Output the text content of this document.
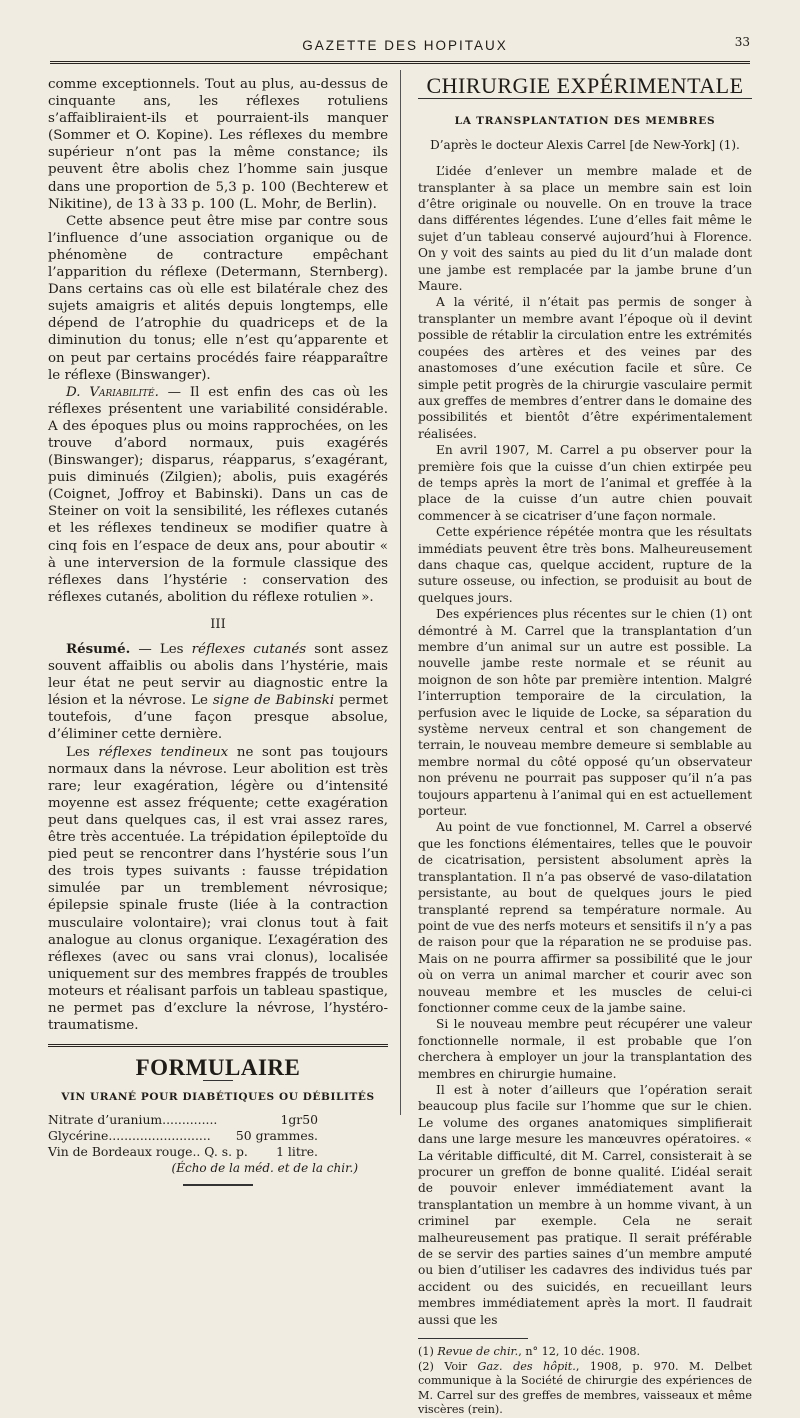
GAZETTE DES HOPITAUX	33

comme exceptionnels. Tout au plus, au-dessus de cinquante ans, les réflexes rotuliens s’affaibliraient-ils et pourraient-ils manquer (Sommer et O. Kopine). Les réflexes du membre supérieur n’ont pas la même constance; ils peuvent être abolis chez l’homme sain jusque dans une proportion de 5,3 p. 100 (Bechterew et Nikitine), de 13 à 33 p. 100 (L. Mohr, de Berlin).

Cette absence peut être mise par contre sous l’influence d’une association organique ou de phénomène de contracture empêchant l’apparition du réflexe (Determann, Sternberg). Dans certains cas où elle est bilatérale chez des sujets amaigris et alités depuis longtemps, elle dépend de l’atrophie du quadriceps et de la diminution du tonus; elle n’est qu’apparente et on peut par certains procédés faire réapparaître le réflexe (Binswanger).

D. Variabilité. — Il est enfin des cas où les réflexes présentent une variabilité considérable. A des époques plus ou moins rapprochées, on les trouve d’abord normaux, puis exagérés (Binswanger); disparus, réapparus, s’exagérant, puis diminués (Zilgien); abolis, puis exagérés (Coignet, Joffroy et Babinski). Dans un cas de Steiner on voit la sensibilité, les réflexes cutanés et les réflexes tendineux se modifier quatre à cinq fois en l’espace de deux ans, pour aboutir « à une interversion de la formule classique des réflexes dans l’hystérie : conservation des réflexes cutanés, abolition du réflexe rotulien ».

III

Résumé. — Les réflexes cutanés sont assez souvent affaiblis ou abolis dans l’hystérie, mais leur état ne peut servir au diagnostic entre la lésion et la névrose. Le signe de Babinski permet toutefois, d’une façon presque absolue, d’éliminer cette dernière.

Les réflexes tendineux ne sont pas toujours normaux dans la névrose. Leur abolition est très rare; leur exagération, légère ou d’intensité moyenne est assez fréquente; cette exagération peut dans quelques cas, il est vrai assez rares, être très accentuée. La trépidation épileptoïde du pied peut se rencontrer dans l’hystérie sous l’un des trois types suivants : fausse trépidation simulée par un tremblement névrosique; épilepsie spinale fruste (liée à la contraction musculaire volontaire); vrai clonus tout à fait analogue au clonus organique. L’exagération des réflexes (avec ou sans vrai clonus), localisée uniquement sur des membres frappés de troubles moteurs et réalisant parfois un tableau spastique, ne permet pas d’exclure la névrose, l’hystéro-traumatisme.

FORMULAIRE
VIN URANÉ POUR DIABÉTIQUES OU DÉBILITÉS
Nitrate d’uranium..............	1gr50
Glycérine.......................... 50 grammes.
Vin de Bordeaux rouge.. Q. s. p. 1 litre.
(Écho de la méd. et de la chir.)
CHIRURGIE EXPÉRIMENTALE
LA TRANSPLANTATION DES MEMBRES
D’après le docteur Alexis Carrel [de New-York] (1).

L’idée d’enlever un membre malade et de transplanter à sa place un membre sain est loin d’être originale ou nouvelle. On en trouve la trace dans différentes légendes. L’une d’elles fait même le sujet d’un tableau conservé aujourd’hui à Florence. On y voit des saints au pied du lit d’un malade dont une jambe est remplacée par la jambe brune d’un Maure.

A la vérité, il n’était pas permis de songer à transplanter un membre avant l’époque où il devint possible de rétablir la circulation entre les extrémités coupées des artères et des veines par des anastomoses d’une exécution facile et sûre. Ce simple petit progrès de la chirurgie vasculaire permit aux greffes de membres d’entrer dans le domaine des possibilités et bientôt d’être expérimentalement réalisées.

En avril 1907, M. Carrel a pu observer pour la première fois que la cuisse d’un chien extirpée peu de temps après la mort de l’animal et greffée à la place de la cuisse d’un autre chien pouvait commencer à se cicatriser d’une façon normale.

Cette expérience répétée montra que les résultats immédiats peuvent être très bons. Malheureusement dans chaque cas, quelque accident, rupture de la suture osseuse, ou infection, se produisit au bout de quelques jours.

Des expériences plus récentes sur le chien (1) ont démontré à M. Carrel que la transplantation d’un membre d’un animal sur un autre est possible. La nouvelle jambe reste normale et se réunit au moignon de son hôte par première intention. Malgré l’interruption temporaire de la circulation, la perfusion avec le liquide de Locke, sa séparation du système nerveux central et son changement de terrain, le nouveau membre demeure si semblable au membre normal du côté opposé qu’un observateur non prévenu ne pourrait pas supposer qu’il n’a pas toujours appartenu à l’animal qui en est actuellement porteur.

Au point de vue fonctionnel, M. Carrel a observé que les fonctions élémentaires, telles que le pouvoir de cicatrisation, persistent absolument après la transplantation. Il n’a pas observé de vaso-dilatation persistante, au bout de quelques jours le pied transplanté reprend sa température normale. Au point de vue des nerfs moteurs et sensitifs il n’y a pas de raison pour que la réparation ne se produise pas. Mais on ne pourra affirmer sa possibilité que le jour où on verra un animal marcher et courir avec son nouveau membre et les muscles de celui-ci fonctionner comme ceux de la jambe saine.

Si le nouveau membre peut récupérer une valeur fonctionnelle normale, il est probable que l’on cherchera à employer un jour la transplantation des membres en chirurgie humaine.

Il est à noter d’ailleurs que l’opération serait beaucoup plus facile sur l’homme que sur le chien. Le volume des organes anatomiques simplifierait dans une large mesure les manœuvres opératoires. « La véritable difficulté, dit M. Carrel, consisterait à se procurer un greffon de bonne qualité. L’idéal serait de pouvoir enlever immédiatement avant la transplantation un membre à un homme vivant, à un criminel par exemple. Cela ne serait malheureusement pas pratique. Il serait préférable de se servir des parties saines d’un membre amputé ou bien d’utiliser les cadavres des individus tués par accident ou des suicidés, en recueillant leurs membres immédiatement après la mort. Il faudrait aussi que les

(1) Revue de chir., n° 12, 10 déc. 1908.

(2) Voir Gaz. des hôpit., 1908, p. 970. M. Delbet communique à la Société de chirurgie des expériences de M. Carrel sur des greffes de membres, vaisseaux et même viscères (rein).
